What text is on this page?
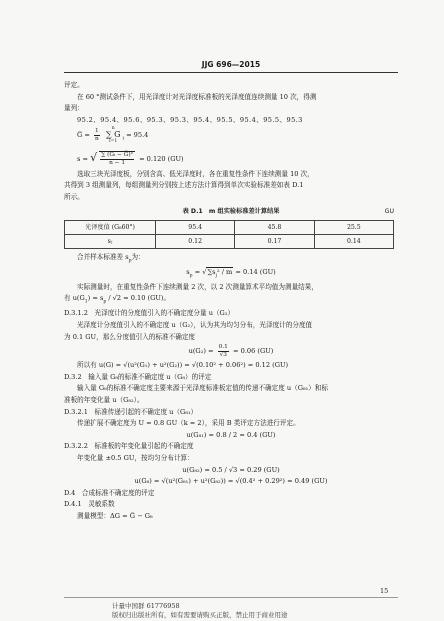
JJG 696—2015

评定。

在 60 °测试条件下，用光泽度计对光泽度标准板的光泽度值连续测量 10 次，得测

量列：

95.2、95.4、95.6、95.3、95.3、95.4、95.5、95.4、95.5、95.3

G̅ = $\frac{1}{n}$
	n
∑ G
i=1
$_i$ = 95.4

s = √ $\frac{\text{∑ (Gᵢ − G̅)²}}{n - 1} = 0.120$ (GU)

选取三块光泽度板，分别含高、低光泽度时，各在重复性条件下连续测量 10 次，

共得到 3 组测量列，每组测量列分别按上述方法计算得到单次实验标准差如表 D.1

所示。

表 D.1　m 组实验标准差计算结果	GU
光泽度值 (G₈60°)	95.4	45.8	25.5
sⱼ	0.12	0.17	0.14

合并样本标准差 $s_p$为：

$s_p = √\sum s_j^2 / m = 0.14$ (GU)

实际测量时，在重复性条件下连续测量 2 次，以 2 次测量算术平均值为测量结果，

有 $u(G_1) = s_p / √2 = 0.10$ (GU)。

D.3.1.2　光泽度计的分度值引入的不确定度分量 u（G₂）

光泽度计分度值引入的不确定度 u（G₂），认为其为均匀分布，光泽度计的分度值

为 0.1 GU，那么分度值引入的标准不确定度

$u(G_2) = \frac{0.1}{√3} = 0.06$ (GU)

所以有 u(G) = √(u²(G₁) + u²(G₂)) = √(0.10² + 0.06²) = 0.12 (GU)

D.3.2　输入量 G₈的标准不确定度 u（G₈）的评定

输入量 G₈的标准不确定度主要来源于光泽度标准板定值的传递不确定度 u（G₈₁）和标

准板的年变化量 u（G₈₂）。

D.3.2.1　标准传递引起的不确定度 u（G₈₁）

传递扩展不确定度为 U = 0.8 GU（k = 2），采用 B 类评定方法进行评定。

u(G₈₁) = 0.8 / 2 = 0.4 (GU)

D.3.2.2　标准板的年变化量引起的不确定度

年变化量 ±0.5 GU，按均匀分布计算：

u(G₈₂) = 0.5 / √3 = 0.29 (GU)

u(G₈) = √(u²(G₈₁) + u²(G₈₂)) = √(0.4² + 0.29²) = 0.49 (GU)

D.4　合成标准不确定度的评定

D.4.1　灵敏系数

测量模型：ΔG = G̅ − G₈

15
计量中国群 61776958
版权归出版社所有，如有需要请购买正版，禁止用于商业用途
